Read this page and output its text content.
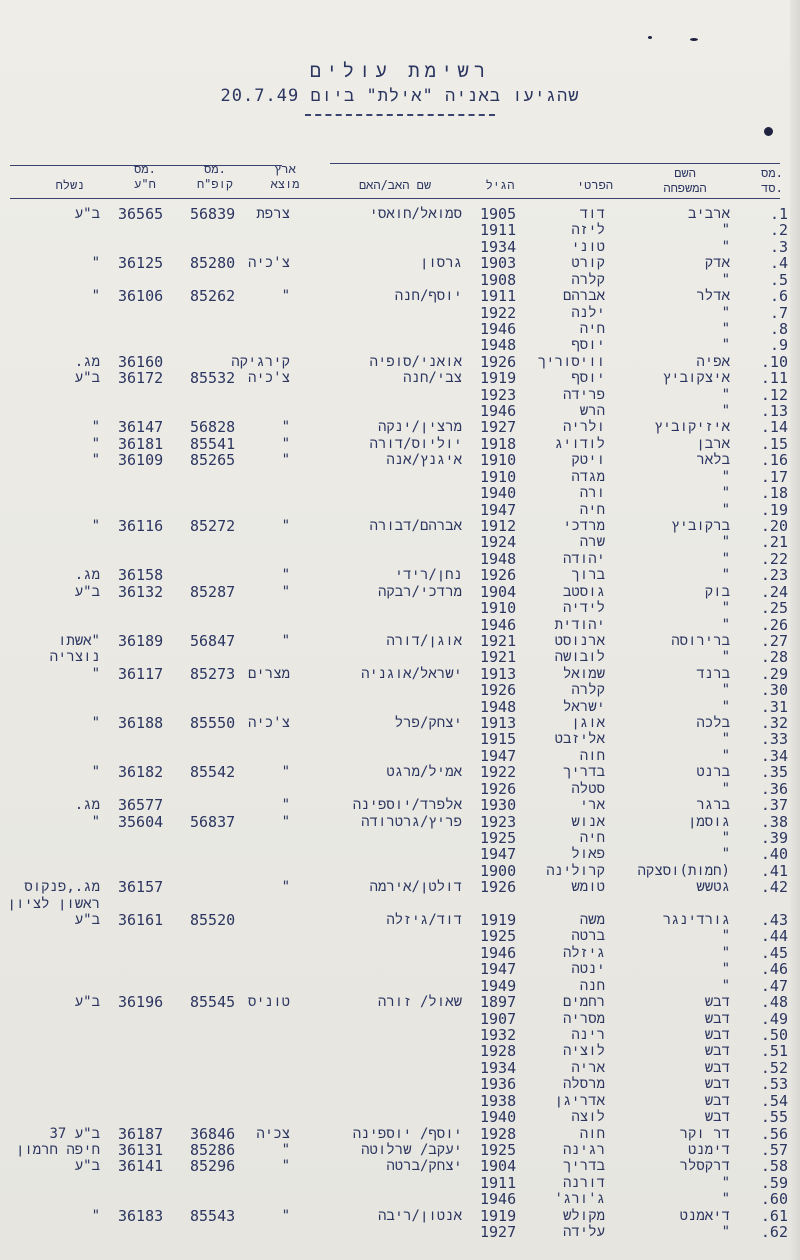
רשימת עולים
שהגיעו באניה "אילת" ביום 20.7.49
מס.
סד.
השם
המשפחה
הפרטי
הגיל
שם האב/האם
ארץ
מוצא
מס.
קופ"ח
מס.
ח"ע
נשלח
.1
ארביב
דוד
1905
סמואל/חואסי
צרפת
56839
36565
ב"ע
.2
"
ליזה
1911
.3
"
טוני
1934
.4
אדק
קורט
1903
גרסון
צ'כיה
85280
36125
"
.5
"
קלרה
1908
.6
אדלר
אברהם
1911
יוסף/חנה
"
85262
36106
"
.7
"
ילנה
1922
.8
"
חיה
1946
.9
"
יוסף
1948
.10
אפיה
וויסוריך
1926
אואני/סופיה
קירגיקה
36160
מג.
.11
איצקוביץ
יוסף
1919
צבי/חנה
צ'כיה
85532
36172
ב"ע
.12
"
פרידה
1923
.13
"
הרש
1946
.14
איזיקוביץ
ולריה
1927
מרצין/ינקה
"
56828
36147
"
.15
ארבן
לודויג
1918
יוליוס/דורה
"
85541
36181
"
.16
בלאר
ויטק
1910
איגנץ/אנה
"
85265
36109
"
.17
"
מגדה
1910
.18
"
ורה
1940
.19
"
חיה
1947
.20
ברקוביץ
מרדכי
1912
אברהם/דבורה
"
85272
36116
"
.21
"
שרה
1924
.22
"
יהודה
1948
.23
"
ברוך
1926
נחן/רידי
"
36158
מג.
.24
בוק
גוסטב
1904
מרדכי/רבקה
"
85287
36132
ב"ע
.25
"
לידיה
1910
.26
"
יהודית
1946
.27
ברירוסה
ארנוסט
1921
אוגן/דורה
"
56847
36189
"אשתו
.28
"
לובושה
1921
נוצריה
.29
ברנד
שמואל
1913
ישראל/אוגניה
מצרים
85273
36117
"
.30
"
קלרה
1926
.31
"
ישראל
1948
.32
בלכה
אוגן
1913
יצחק/פרל
צ'כיה
85550
36188
"
.33
"
אליזבט
1915
.34
"
חוה
1947
.35
ברנט
בדריך
1922
אמיל/מרגט
"
85542
36182
"
.36
"
סטלה
1926
.37
ברגר
ארי
1930
אלפרד/יוספינה
"
36577
מג.
.38
גוסמן
אנוש
1923
פריץ/גרטרודה
"
56837
35604
"
.39
"
חיה
1925
.40
"
פאול
1947
.41
(חמות)וסצקה
קרולינה
1900
.42
גטשש
טומש
1926
דולטן/אירמה
"
36157
מג.,פנקוס
ראשון לציון
.43
גורדינגר
משה
1919
דוד/גיזלה
85520
36161
ב"ע
.44
"
ברטה
1925
.45
"
גיזלה
1946
.46
"
ינטה
1947
.47
"
חנה
1949
.48
דבש
רחמים
1897
שאול/ זורה
טוניס
85545
36196
ב"ע
.49
דבש
מסריה
1907
.50
דבש
רינה
1932
.51
דבש
לוציה
1928
.52
דבש
אריה
1934
.53
דבש
מרסלה
1936
.54
דבש
אדריגן
1938
.55
דבש
לוצה
1940
.56
דר וקר
חוה
1928
יוסף/ יוספינה
צכיה
36846
36187
ב"ע 37
.57
דימנט
רגינה
1925
יעקב/ שרלוטה
"
85286
36131
חיפה חרמון
.58
דרקסלר
בדריך
1904
יצחק/ברטה
"
85296
36141
ב"ע
.59
"
דורנה
1911
.60
"
ג'ורג'
1946
.61
דיאמנט
מקולש
1919
אנטון/ריבה
"
85543
36183
"
.62
"
עלידה
1927
